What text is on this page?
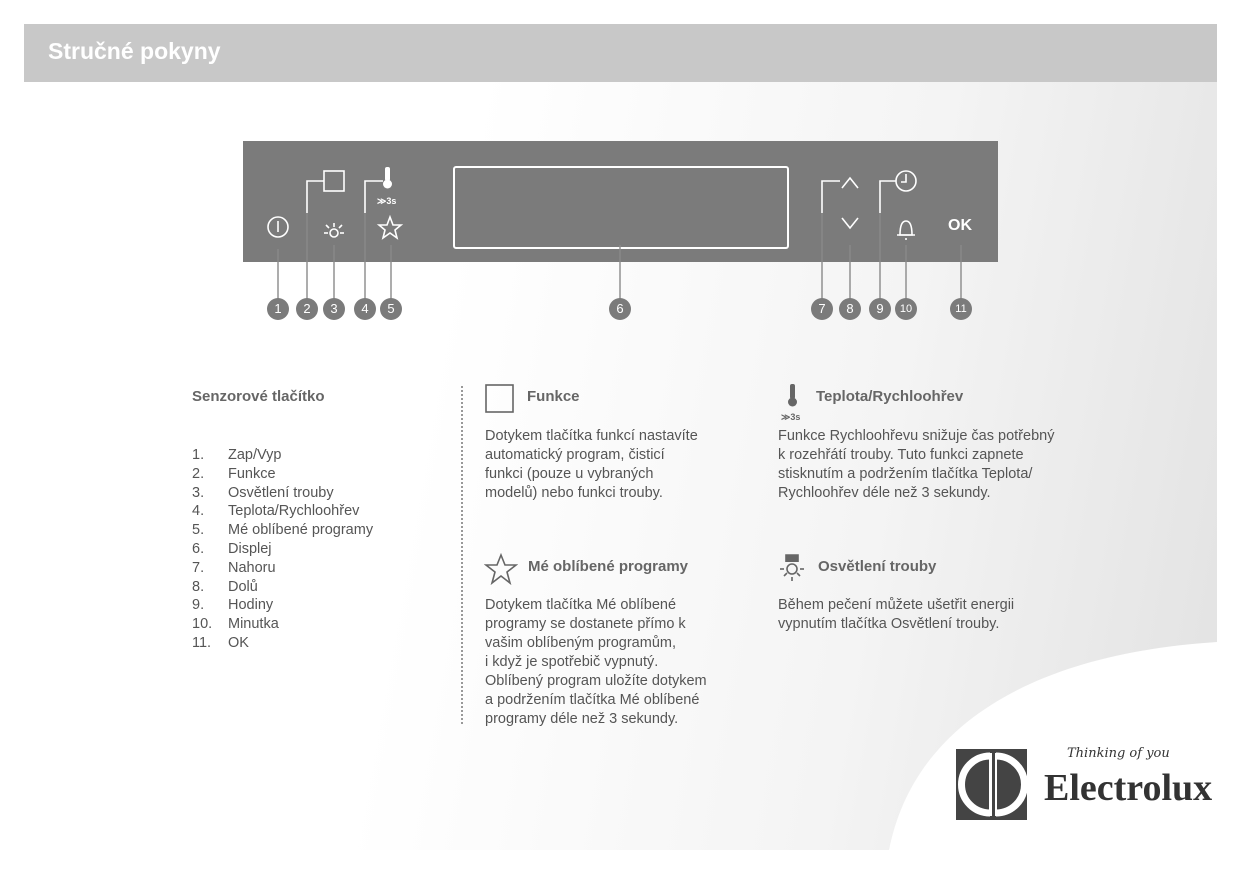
Stručné pokyny
OK
≫3s
1	2	3	4	5	6	7	8	9	10	11
Senzorové tlačítko
1. Zap/Vyp
2. Funkce
3. Osvětlení trouby
4. Teplota/Rychloohřev
5. Mé oblíbené programy
6. Displej
7. Nahoru
8. Dolů
9. Hodiny
10. Minutka
11. OK
Funkce
Dotykem tlačítka funkcí nastavíte
automatický program, čisticí
funkci (pouze u vybraných
modelů) nebo funkci trouby.
Mé oblíbené programy
Dotykem tlačítka Mé oblíbené
programy se dostanete přímo k
vašim oblíbeným programům,
i když je spotřebič vypnutý.
Oblíbený program uložíte dotykem
a podržením tlačítka Mé oblíbené
programy déle než 3 sekundy.
≫3s
Teplota/Rychloohřev
Funkce Rychloohřevu snižuje čas potřebný
k rozehřátí trouby. Tuto funkci zapnete
stisknutím a podržením tlačítka Teplota/
Rychloohřev déle než 3 sekundy.
Osvětlení trouby
Během pečení můžete ušetřit energii
vypnutím tlačítka Osvětlení trouby.
Thinking of you
Electrolux
